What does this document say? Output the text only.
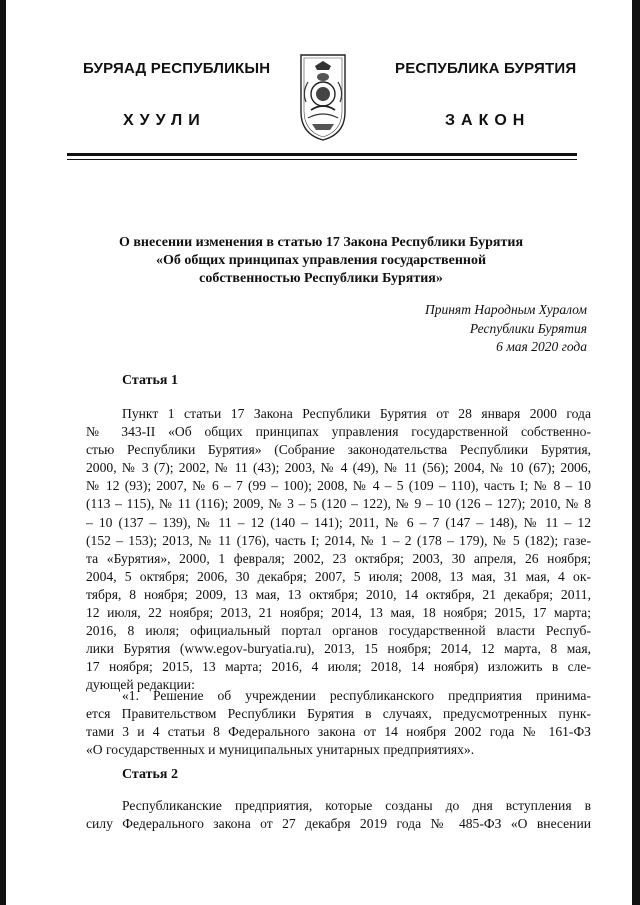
БУРЯАД РЕСПУБЛИКЫН	РЕСПУБЛИКА БУРЯТИЯ
ХУУЛИ	ЗАКОН
О внесении изменения в статью 17 Закона Республики Бурятия
«Об общих принципах управления государственной
собственностью Республики Бурятия»
Принят Народным Хуралом
Республики Бурятия
6 мая 2020 года
Статья 1
Пункт 1 статьи 17 Закона Республики Бурятия от 28 января 2000 года
№ 343-II «Об общих принципах управления государственной собственно-
стью Республики Бурятия» (Собрание законодательства Республики Бурятия,
2000, № 3 (7); 2002, № 11 (43); 2003, № 4 (49), № 11 (56); 2004, № 10 (67); 2006,
№ 12 (93); 2007, № 6 – 7 (99 – 100); 2008, № 4 – 5 (109 – 110), часть I; № 8 – 10
(113 – 115), № 11 (116); 2009, № 3 – 5 (120 – 122), № 9 – 10 (126 – 127); 2010, № 8
– 10 (137 – 139), № 11 – 12 (140 – 141); 2011, № 6 – 7 (147 – 148), № 11 – 12
(152 – 153); 2013, № 11 (176), часть I; 2014, № 1 – 2 (178 – 179), № 5 (182); газе-
та «Бурятия», 2000, 1 февраля; 2002, 23 октября; 2003, 30 апреля, 26 ноября;
2004, 5 октября; 2006, 30 декабря; 2007, 5 июля; 2008, 13 мая, 31 мая, 4 ок-
тября, 8 ноября; 2009, 13 мая, 13 октября; 2010, 14 октября, 21 декабря; 2011,
12 июля, 22 ноября; 2013, 21 ноября; 2014, 13 мая, 18 ноября; 2015, 17 марта;
2016, 8 июля; официальный портал органов государственной власти Респуб-
лики Бурятия (www.egov-buryatia.ru), 2013, 15 ноября; 2014, 12 марта, 8 мая,
17 ноября; 2015, 13 марта; 2016, 4 июля; 2018, 14 ноября) изложить в сле-
дующей редакции:
«1. Решение об учреждении республиканского предприятия принима-
ется Правительством Республики Бурятия в случаях, предусмотренных пунк-
тами 3 и 4 статьи 8 Федерального закона от 14 ноября 2002 года № 161-ФЗ
«О государственных и муниципальных унитарных предприятиях».
Статья 2
Республиканские предприятия, которые созданы до дня вступления в
силу Федерального закона от 27 декабря 2019 года № 485-ФЗ «О внесении
